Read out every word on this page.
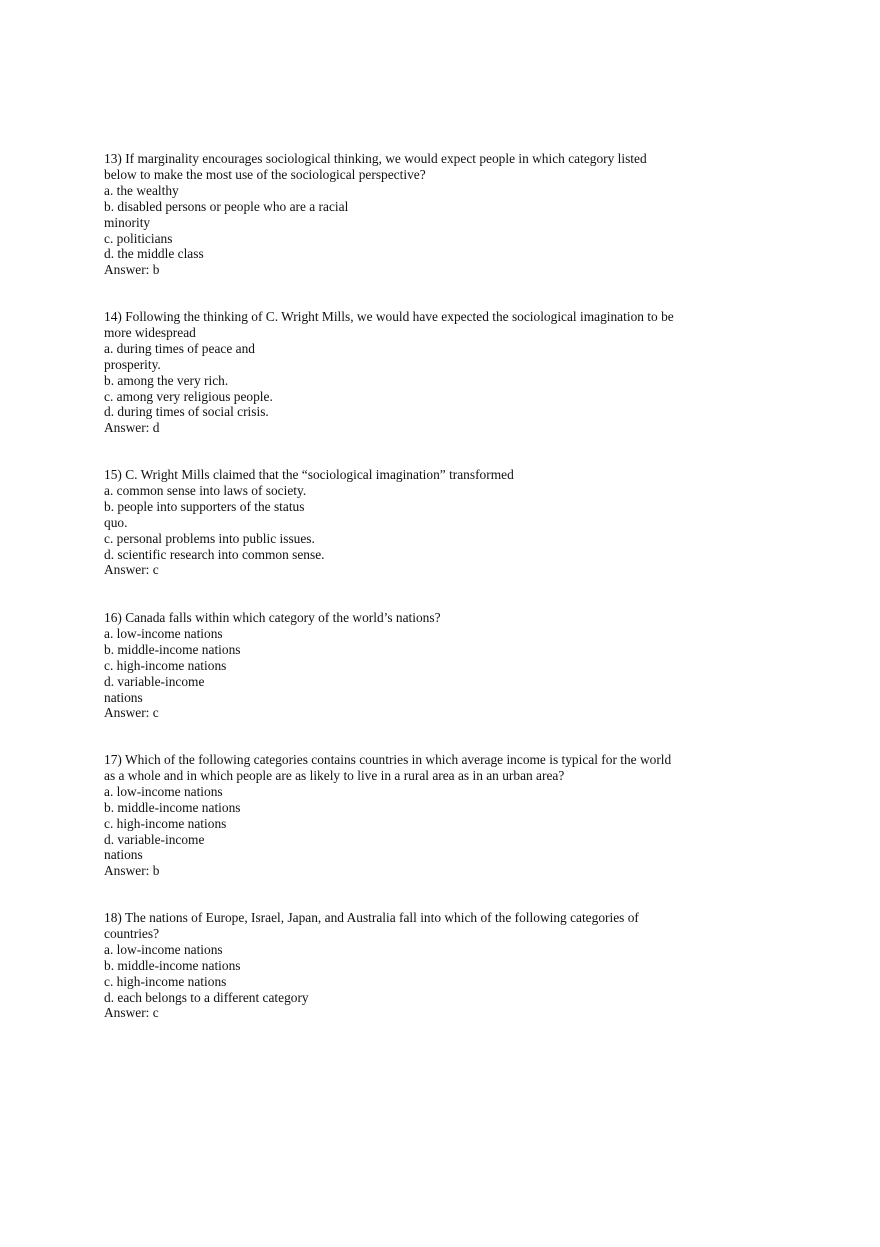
13) If marginality encourages sociological thinking, we would expect people in which category listed
below to make the most use of the sociological perspective?
a. the wealthy
b. disabled persons or people who are a racial
minority
c. politicians
d. the middle class
Answer: b
14) Following the thinking of C. Wright Mills, we would have expected the sociological imagination to be
more widespread
a. during times of peace and
prosperity.
b. among the very rich.
c. among very religious people.
d. during times of social crisis.
Answer: d
15) C. Wright Mills claimed that the “sociological imagination” transformed
a. common sense into laws of society.
b. people into supporters of the status
quo.
c. personal problems into public issues.
d. scientific research into common sense.
Answer: c
16) Canada falls within which category of the world’s nations?
a. low-income nations
b. middle-income nations
c. high-income nations
d. variable-income
nations
Answer: c
17) Which of the following categories contains countries in which average income is typical for the world
as a whole and in which people are as likely to live in a rural area as in an urban area?
a. low-income nations
b. middle-income nations
c. high-income nations
d. variable-income
nations
Answer: b
18) The nations of Europe, Israel, Japan, and Australia fall into which of the following categories of
countries?
a. low-income nations
b. middle-income nations
c. high-income nations
d. each belongs to a different category
Answer: c
